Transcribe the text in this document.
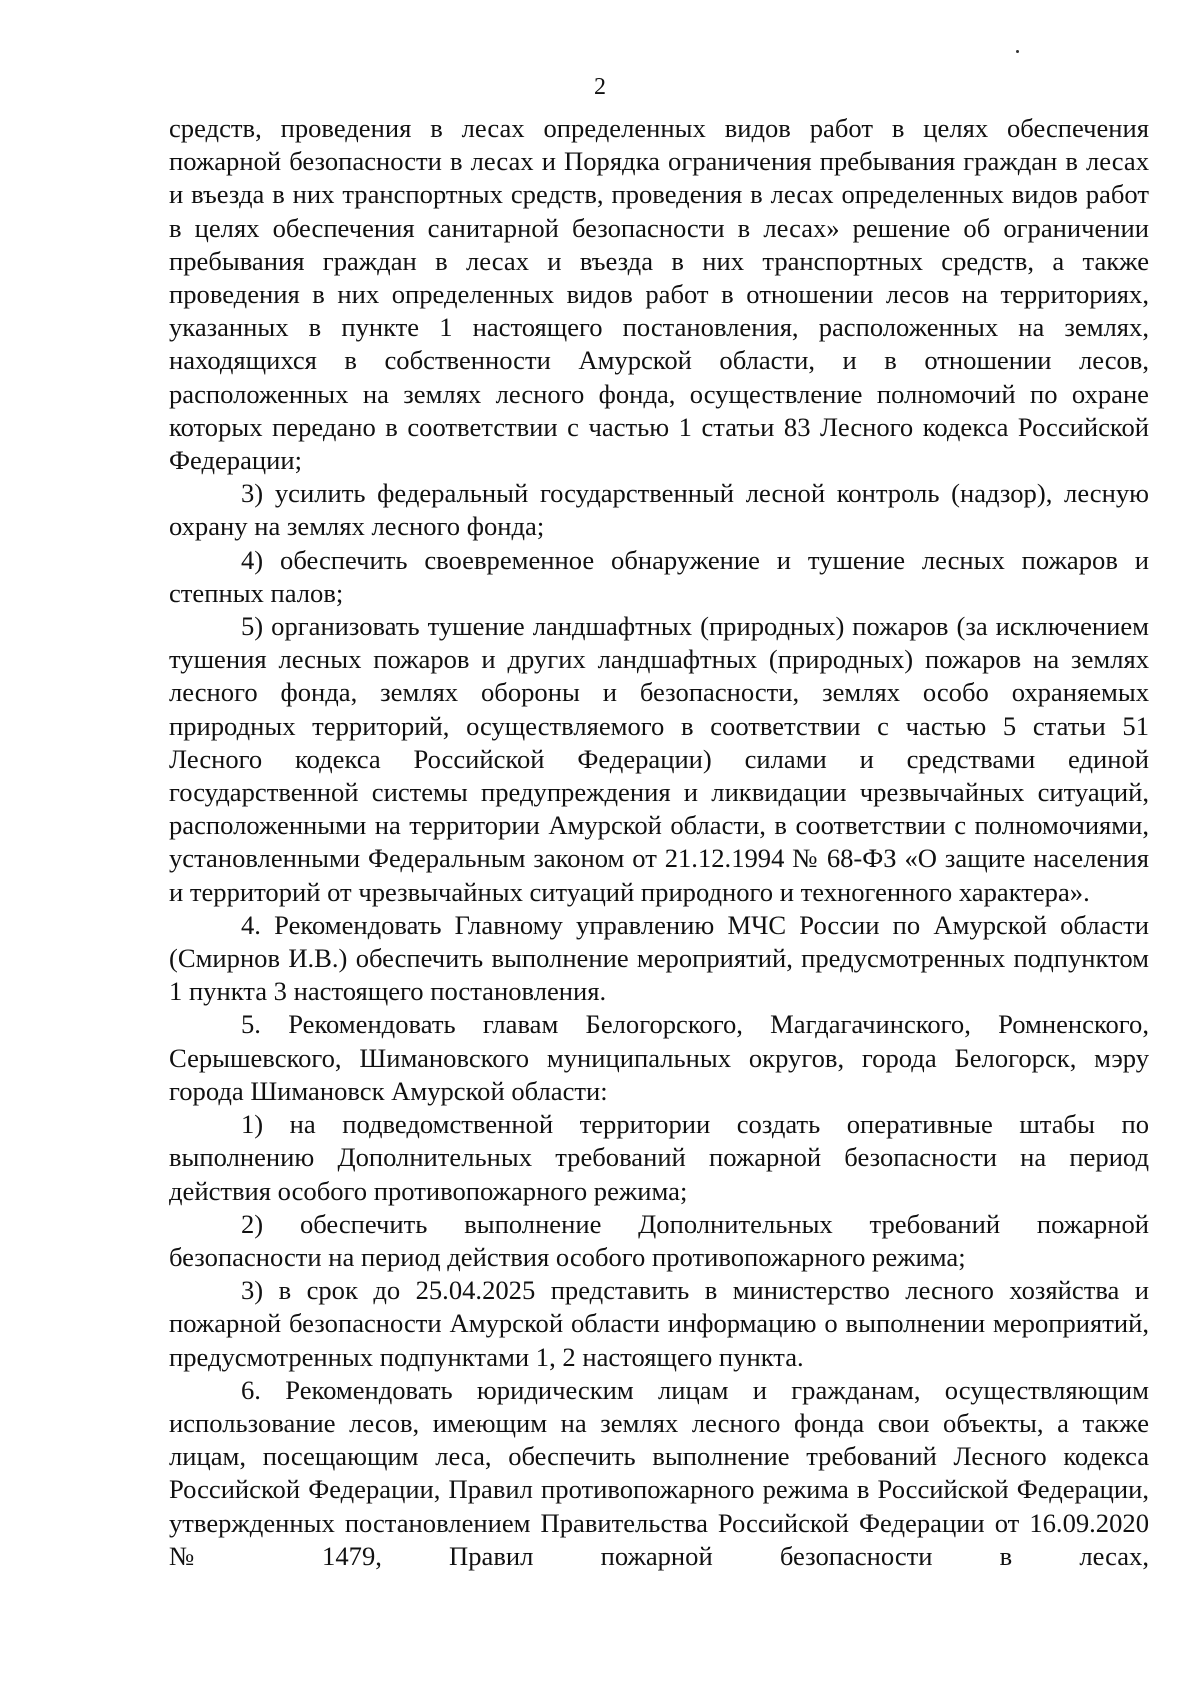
2

средств, проведения в лесах определенных видов работ в целях обеспечения пожарной безопасности в лесах и Порядка ограничения пребывания граждан в лесах и въезда в них транспортных средств, проведения в лесах определенных видов работ в целях обеспечения санитарной безопасности в лесах» решение об ограничении пребывания граждан в лесах и въезда в них транспортных средств, а также проведения в них определенных видов работ в отношении лесов на территориях, указанных в пункте 1 настоящего постановления, расположенных на землях, находящихся в собственности Амурской области, и в отношении лесов, расположенных на землях лесного фонда, осуществление полномочий по охране которых передано в соответствии с частью 1 статьи 83 Лесного кодекса Российской Федерации;

3) усилить федеральный государственный лесной контроль (надзор), лесную охрану на землях лесного фонда;

4) обеспечить своевременное обнаружение и тушение лесных пожаров и степных палов;

5) организовать тушение ландшафтных (природных) пожаров (за исключением тушения лесных пожаров и других ландшафтных (природных) пожаров на землях лесного фонда, землях обороны и безопасности, землях особо охраняемых природных территорий, осуществляемого в соответствии с частью 5 статьи 51 Лесного кодекса Российской Федерации) силами и средствами единой государственной системы предупреждения и ликвидации чрезвычайных ситуаций, расположенными на территории Амурской области, в соответствии с полномочиями, установленными Федеральным законом от 21.12.1994 № 68-ФЗ «О защите населения и территорий от чрезвычайных ситуаций природного и техногенного характера».

4. Рекомендовать Главному управлению МЧС России по Амурской области (Смирнов И.В.) обеспечить выполнение мероприятий, предусмотренных подпунктом 1 пункта 3 настоящего постановления.

5. Рекомендовать главам Белогорского, Магдагачинского, Ромненского, Серышевского, Шимановского муниципальных округов, города Белогорск, мэру города Шимановск Амурской области:

1) на подведомственной территории создать оперативные штабы по выполнению Дополнительных требований пожарной безопасности на период действия особого противопожарного режима;

2) обеспечить выполнение Дополнительных требований пожарной безопасности на период действия особого противопожарного режима;

3) в срок до 25.04.2025 представить в министерство лесного хозяйства и пожарной безопасности Амурской области информацию о выполнении мероприятий, предусмотренных подпунктами 1, 2 настоящего пункта.

6. Рекомендовать юридическим лицам и гражданам, осуществляющим использование лесов, имеющим на землях лесного фонда свои объекты, а также лицам, посещающим леса, обеспечить выполнение требований Лесного кодекса Российской Федерации, Правил противопожарного режима в Российской Федерации, утвержденных постановлением Правительства Российской Федерации от 16.09.2020 № 1479, Правил пожарной безопасности в лесах,
